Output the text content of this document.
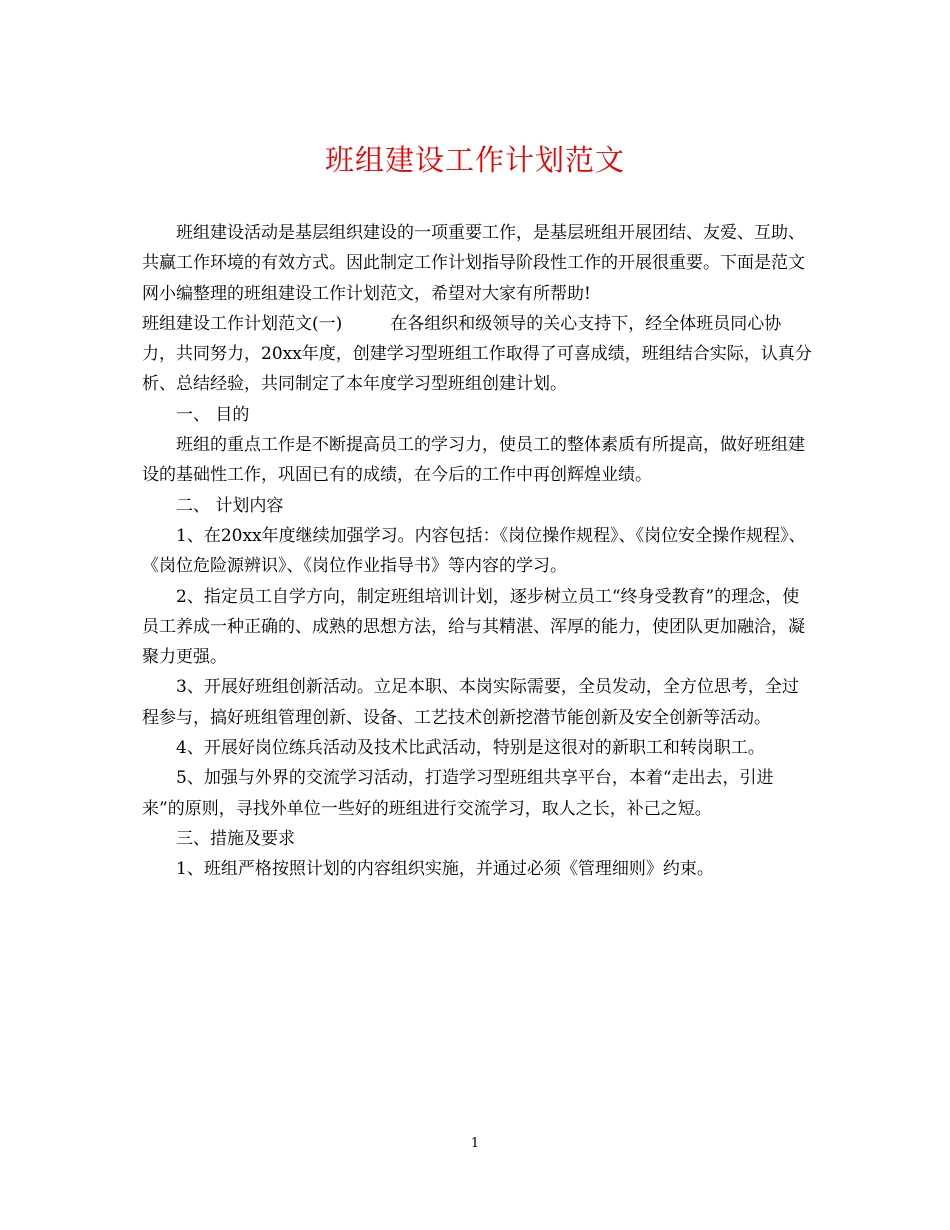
班组建设工作计划范文

班组建设活动是基层组织建设的一项重要工作，是基层班组开展团结、友爱、互助、共赢工作环境的有效方式。因此制定工作计划指导阶段性工作的开展很重要。下面是范文网小编整理的班组建设工作计划范文，希望对大家有所帮助!

班组建设工作计划范文(一)	在各组织和级领导的关心支持下，经全体班员同心协力，共同努力，20xx年度，创建学习型班组工作取得了可喜成绩，班组结合实际，认真分析、总结经验，共同制定了本年度学习型班组创建计划。

一、 目的

班组的重点工作是不断提高员工的学习力，使员工的整体素质有所提高，做好班组建设的基础性工作，巩固已有的成绩，在今后的工作中再创辉煌业绩。

二、 计划内容

1、在20xx年度继续加强学习。内容包括：《岗位操作规程》、《岗位安全操作规程》、《岗位危险源辨识》、《岗位作业指导书》等内容的学习。

2、指定员工自学方向，制定班组培训计划，逐步树立员工“终身受教育”的理念，使员工养成一种正确的、成熟的思想方法，给与其精湛、浑厚的能力，使团队更加融洽，凝聚力更强。

3、开展好班组创新活动。立足本职、本岗实际需要，全员发动，全方位思考，全过程参与，搞好班组管理创新、设备、工艺技术创新挖潜节能创新及安全创新等活动。

4、开展好岗位练兵活动及技术比武活动，特别是这很对的新职工和转岗职工。

5、加强与外界的交流学习活动，打造学习型班组共享平台，本着“走出去，引进来”的原则，寻找外单位一些好的班组进行交流学习，取人之长，补己之短。

三、措施及要求

1、班组严格按照计划的内容组织实施，并通过必须《管理细则》约束。

1
